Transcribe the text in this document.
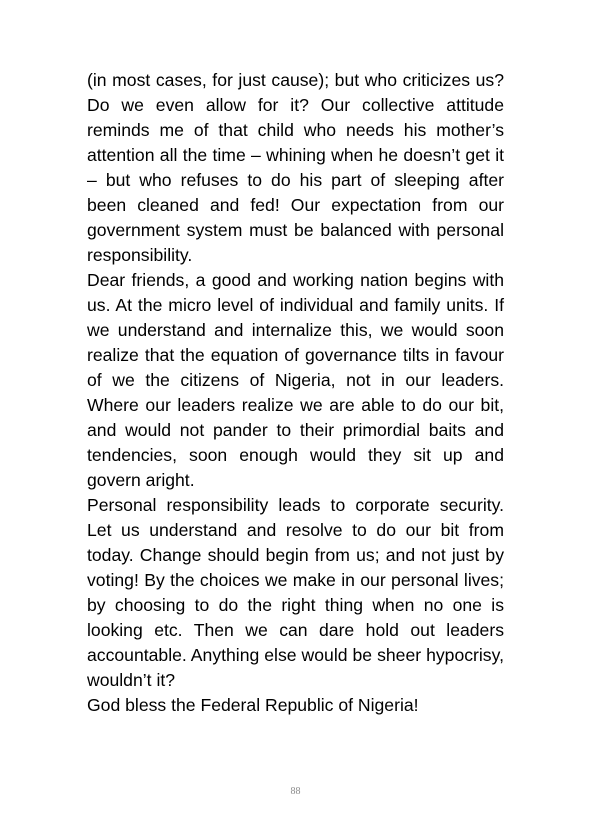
(in most cases, for just cause); but who criticizes us? Do we even allow for it? Our collective attitude reminds me of that child who needs his mother’s attention all the time – whining when he doesn’t get it – but who refuses to do his part of sleeping after been cleaned and fed! Our expectation from our government system must be balanced with personal responsibility.

Dear friends, a good and working nation begins with us. At the micro level of individual and family units. If we understand and internalize this, we would soon realize that the equation of governance tilts in favour of we the citizens of Nigeria, not in our leaders. Where our leaders realize we are able to do our bit, and would not pander to their primordial baits and tendencies, soon enough would they sit up and govern aright.

Personal responsibility leads to corporate security. Let us understand and resolve to do our bit from today. Change should begin from us; and not just by voting! By the choices we make in our personal lives; by choosing to do the right thing when no one is looking etc. Then we can dare hold out leaders accountable. Anything else would be sheer hypocrisy, wouldn’t it?

God bless the Federal Republic of Nigeria!

88
